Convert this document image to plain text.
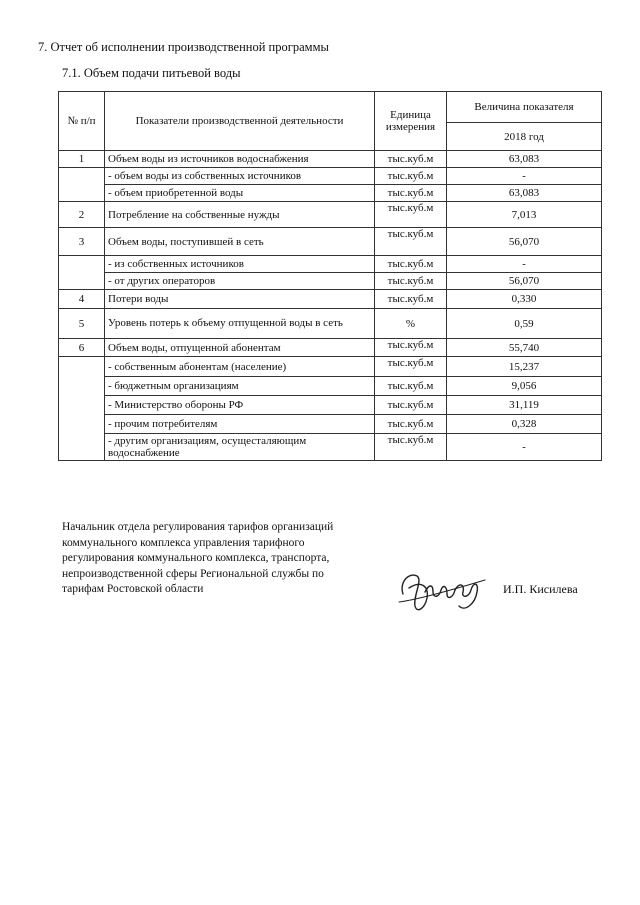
7. Отчет об исполнении производственной программы
7.1. Объем подачи питьевой воды
№ п/п	Показатели производственной деятельности	Единица измерения	Величина показателя
			2018 год
1	Объем воды из источников водоснабжения	тыс.куб.м	63,083
	- объем воды из собственных источников	тыс.куб.м	-
	- объем приобретенной воды	тыс.куб.м	63,083
2	Потребление на собственные нужды	тыс.куб.м	7,013
3	Объем воды, поступившей в сеть	тыс.куб.м	56,070
	- из собственных источников	тыс.куб.м	-
	- от других операторов	тыс.куб.м	56,070
4	Потери воды	тыс.куб.м	0,330
5	Уровень потерь к объему отпущенной воды в сеть	%	0,59
6	Объем воды, отпущенной абонентам	тыс.куб.м	55,740
	- собственным абонентам (население)	тыс.куб.м	15,237
	- бюджетным организациям	тыс.куб.м	9,056
	- Министерство обороны РФ	тыс.куб.м	31,119
	- прочим потребителям	тыс.куб.м	0,328
	- другим организациям, осущесталяющим водоснабжение	тыс.куб.м	-
Начальник отдела регулирования тарифов организаций
коммунального комплекса управления тарифного
регулирования коммунального комплекса, транспорта,
непроизводственной сферы Региональной службы по
тарифам Ростовской области	И.П. Кисилева
